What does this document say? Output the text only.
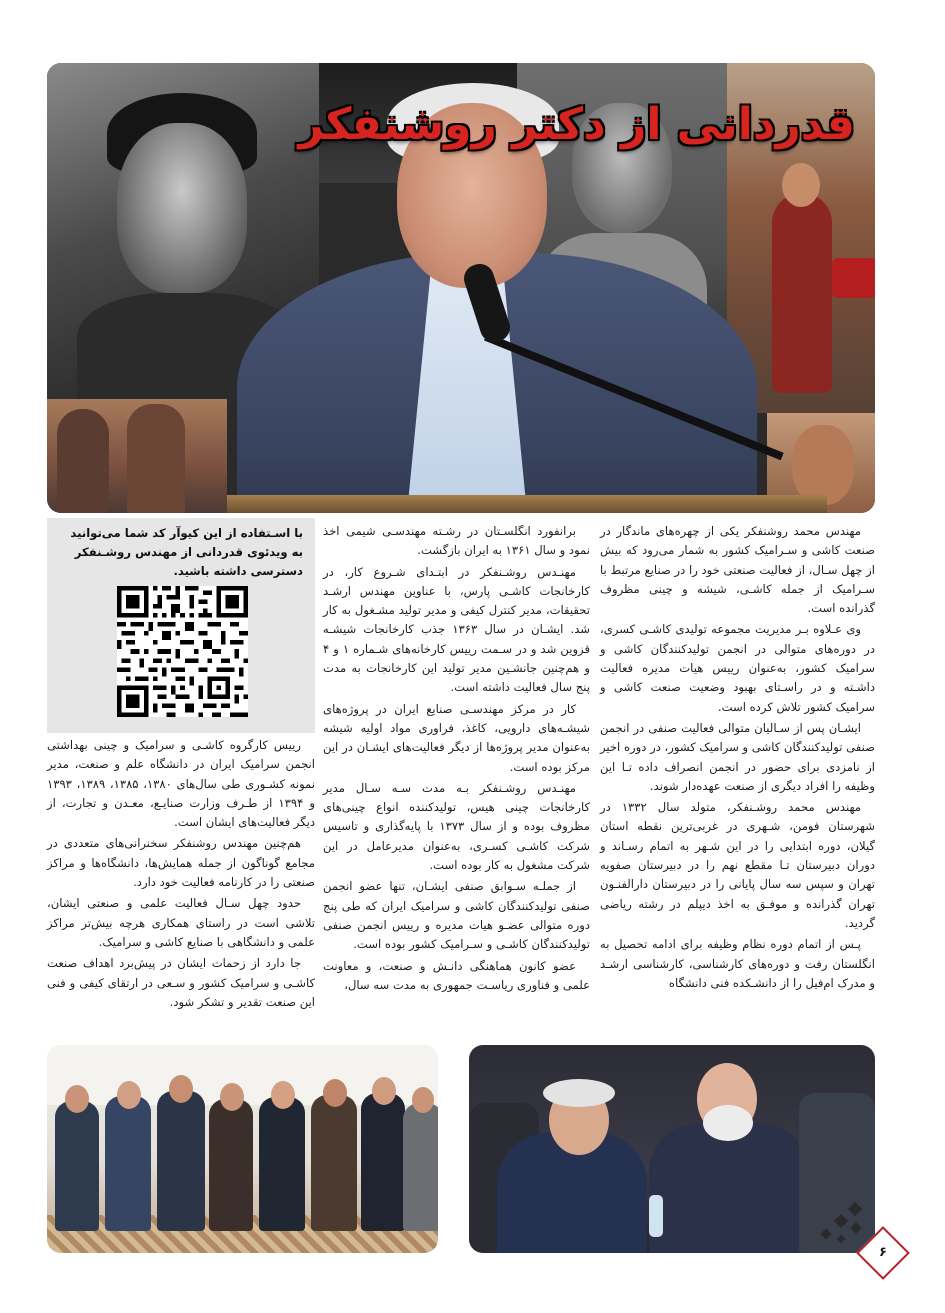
قدردانی از دکتر روشنفکر

مهندس محمد روشنفکر یکی از چهره‌های ماندگار در صنعت کاشی و سـرامیک کشور به شمار می‌رود که بیش از چهل سـال، از فعالیت صنعتی خود را در صنایع مرتبط با سـرامیک از جمله کاشـی، شیشه و چینی مظروف گذرانده است.

وی عـلاوه بـر مدیریت مجموعه تولیدی کاشـی کسری، در دوره‌های متوالی در انجمن تولیدکنندگان کاشی و سرامیک کشور، به‌عنوان رییس هیات مدیره فعالیت داشـته و در راسـتای بهبود وضعیت صنعت کاشی و سرامیک کشور تلاش کرده است.

ایشـان پس از سـالیان متوالی فعالیت صنفی در انجمن صنفی تولیدکنندگان کاشی و سرامیک کشور، در دوره اخیر از نامزدی برای حضور در انجمن انصراف داده تـا این وظیفه را افراد دیگری از صنعت عهده‌دار شوند.

مهندس محمد روشـنفکر، متولد سال ۱۳۳۲ در شهرستان فومن، شـهری در غربی‌ترین نقطه استان گیلان، دوره ابتدایی را در این شـهر به اتمام رسـاند و دوران دبیرستان تـا مقطع نهم را در دبیرستان صفویه تهران و سپس سه سال پایانی را در دبیرستان دارالفنـون تهران گذرانده و موفـق به اخذ دیپلم در رشته ریاضی گردید.

پـس از اتمام دوره نظام وظیفه برای ادامه تحصیل به انگلستان رفت و دوره‌های کارشناسی، کارشناسی ارشـد و مدرک ام‌فیل را از دانشـکده فنی دانشگاه

برانفورد انگلسـتان در رشـته مهندسـی شیمی اخذ نمود و سال ۱۳۶۱ به ایران بازگشت.

مهنـدس روشـنفکر در ابتـدای شـروع کار، در کارخانجات کاشـی پارس، با عناوین مهندس ارشـد تحقیقات، مدیر کنترل کیفی و مدیر تولید مشـغول به کار شد. ایشـان در سال ۱۳۶۳ جذب کارخانجات شیشـه قزوین شد و در سـمت رییس کارخانه‌های شـماره ۱ و ۴ و هم‌چنین جانشـین مدیر تولید این کارخانجات به مدت پنج سال فعالیت داشته است.

کار در مرکز مهندسـی صنایع ایران در پروژه‌های شیشـه‌های دارویی، کاغذ، فراوری مواد اولیه شیشه به‌عنوان مدیر پروژه‌ها از دیگر فعالیت‌های ایشـان در این مرکز بوده است.

مهنـدس روشـنفکر بـه مدت سـه سـال مدیر کارخانجات چینی هیس، تولیدکننده انواع چینی‌های مظروف بوده و از سال ۱۳۷۳ با پایه‌گذاری و تاسیس شرکت کاشـی کسـری، به‌عنوان مدیرعامل در این شرکت مشغول به کار بوده است.

از جملـه سـوابق صنفی ایشـان، تنها عضو انجمن صنفی تولیدکنندگان کاشی و سرامیک ایران که طی پنج دوره متوالی عضـو هیات مدیره و رییس انجمن صنفی تولیدکنندگان کاشـی و سـرامیک کشور بوده است.

عضو کانون هماهنگی دانـش و صنعت، و معاونت علمی و فناوری ریاسـت جمهوری به مدت سه سال،

با اسـتفاده از این کیوآر کد شما می‌توانید به ویدئوی قدردانی از مهندس روشـنفکر دسترسی داشته باشید.

رییس کارگروه کاشـی و سرامیک و چینی بهداشتی انجمن سرامیک ایران در دانشگاه علم و صنعت، مدیر نمونه کشـوری طی سال‌های ۱۳۸۰، ۱۳۸۵، ۱۳۸۹، ۱۳۹۳ و ۱۳۹۴ از طـرف وزارت صنایـع، معـدن و تجارت، از دیگر فعالیت‌های ایشان است.

هم‌چنین مهندس روشنفکر سخنرانی‌های متعددی در مجامع گوناگون از جمله همایش‌ها، دانشگاه‌ها و مراکز صنعتی را در کارنامه فعالیت خود دارد.

حدود چهل سـال فعالیت علمی و صنعتی ایشان، تلاشی است در راستای همکاری هرچه بیش‌تر مراکز علمی و دانشگاهی با صنایع کاشی و سرامیک.

جا دارد از زحمات ایشان در پیش‌برد اهداف صنعت کاشـی و سرامیک کشور و سـعی در ارتقای کیفی و فنی این صنعت تقدیر و تشکر شود.

۶
